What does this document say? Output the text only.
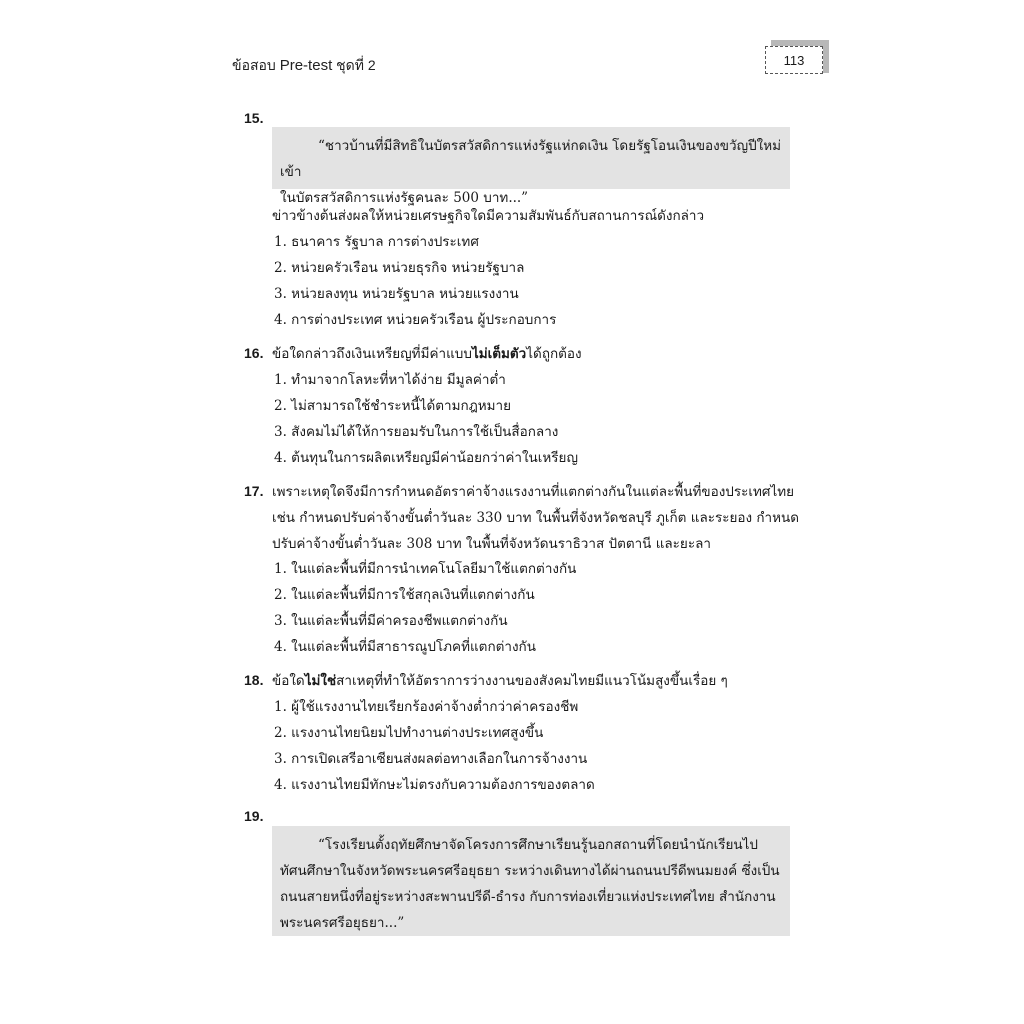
ข้อสอบ Pre-test ชุดที่ 2	113
15.
“ชาวบ้านที่มีสิทธิในบัตรสวัสดิการแห่งรัฐแห่กดเงิน โดยรัฐโอนเงินของขวัญปีใหม่เข้า
ในบัตรสวัสดิการแห่งรัฐคนละ 500 บาท...”
ข่าวข้างต้นส่งผลให้หน่วยเศรษฐกิจใดมีความสัมพันธ์กับสถานการณ์ดังกล่าว
1. ธนาคาร รัฐบาล การต่างประเทศ
2. หน่วยครัวเรือน หน่วยธุรกิจ หน่วยรัฐบาล
3. หน่วยลงทุน หน่วยรัฐบาล หน่วยแรงงาน
4. การต่างประเทศ หน่วยครัวเรือน ผู้ประกอบการ
16. ข้อใดกล่าวถึงเงินเหรียญที่มีค่าแบบไม่เต็มตัวได้ถูกต้อง
1. ทำมาจากโลหะที่หาได้ง่าย มีมูลค่าต่ำ
2. ไม่สามารถใช้ชำระหนี้ได้ตามกฎหมาย
3. สังคมไม่ได้ให้การยอมรับในการใช้เป็นสื่อกลาง
4. ต้นทุนในการผลิตเหรียญมีค่าน้อยกว่าค่าในเหรียญ
17. เพราะเหตุใดจึงมีการกำหนดอัตราค่าจ้างแรงงานที่แตกต่างกันในแต่ละพื้นที่ของประเทศไทย
เช่น กำหนดปรับค่าจ้างขั้นต่ำวันละ 330 บาท ในพื้นที่จังหวัดชลบุรี ภูเก็ต และระยอง กำหนด
ปรับค่าจ้างขั้นต่ำวันละ 308 บาท ในพื้นที่จังหวัดนราธิวาส ปัตตานี และยะลา
1. ในแต่ละพื้นที่มีการนำเทคโนโลยีมาใช้แตกต่างกัน
2. ในแต่ละพื้นที่มีการใช้สกุลเงินที่แตกต่างกัน
3. ในแต่ละพื้นที่มีค่าครองชีพแตกต่างกัน
4. ในแต่ละพื้นที่มีสาธารณูปโภคที่แตกต่างกัน
18. ข้อใดไม่ใช่สาเหตุที่ทำให้อัตราการว่างงานของสังคมไทยมีแนวโน้มสูงขึ้นเรื่อย ๆ
1. ผู้ใช้แรงงานไทยเรียกร้องค่าจ้างต่ำกว่าค่าครองชีพ
2. แรงงานไทยนิยมไปทำงานต่างประเทศสูงขึ้น
3. การเปิดเสรีอาเซียนส่งผลต่อทางเลือกในการจ้างงาน
4. แรงงานไทยมีทักษะไม่ตรงกับความต้องการของตลาด
19.
“โรงเรียนตั้งฤทัยศึกษาจัดโครงการศึกษาเรียนรู้นอกสถานที่โดยนำนักเรียนไป
ทัศนศึกษาในจังหวัดพระนครศรีอยุธยา ระหว่างเดินทางได้ผ่านถนนปรีดีพนมยงค์ ซึ่งเป็น
ถนนสายหนึ่งที่อยู่ระหว่างสะพานปรีดี-ธำรง กับการท่องเที่ยวแห่งประเทศไทย สำนักงาน
พระนครศรีอยุธยา...”
